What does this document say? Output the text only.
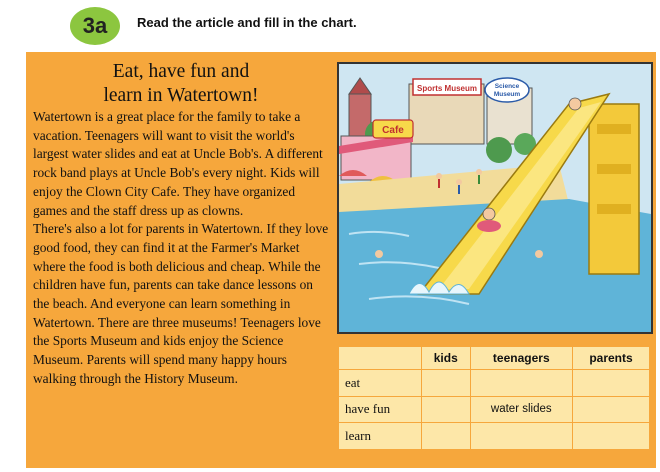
3a Read the article and fill in the chart.
Eat, have fun and
learn in Watertown!

Watertown is a great place for the family to take a vacation. Teenagers will want to visit the world's largest water slides and eat at Uncle Bob's. A different rock band plays at Uncle Bob's every night. Kids will enjoy the Clown City Cafe. They have organized games and the staff dress up as clowns.

There's also a lot for parents in Watertown. If they love good food, they can find it at the Farmer's Market where the food is both delicious and cheap. While the children have fun, parents can take dance lessons on the beach. And everyone can learn something in Watertown. There are three museums! Teenagers love the Sports Museum and kids enjoy the Science Museum. Parents will spend many happy hours walking through the History Museum.

Sports Museum	Science
Museum
Cafe
	kids	teenagers	parents
eat			
have fun		water slides	
learn			
